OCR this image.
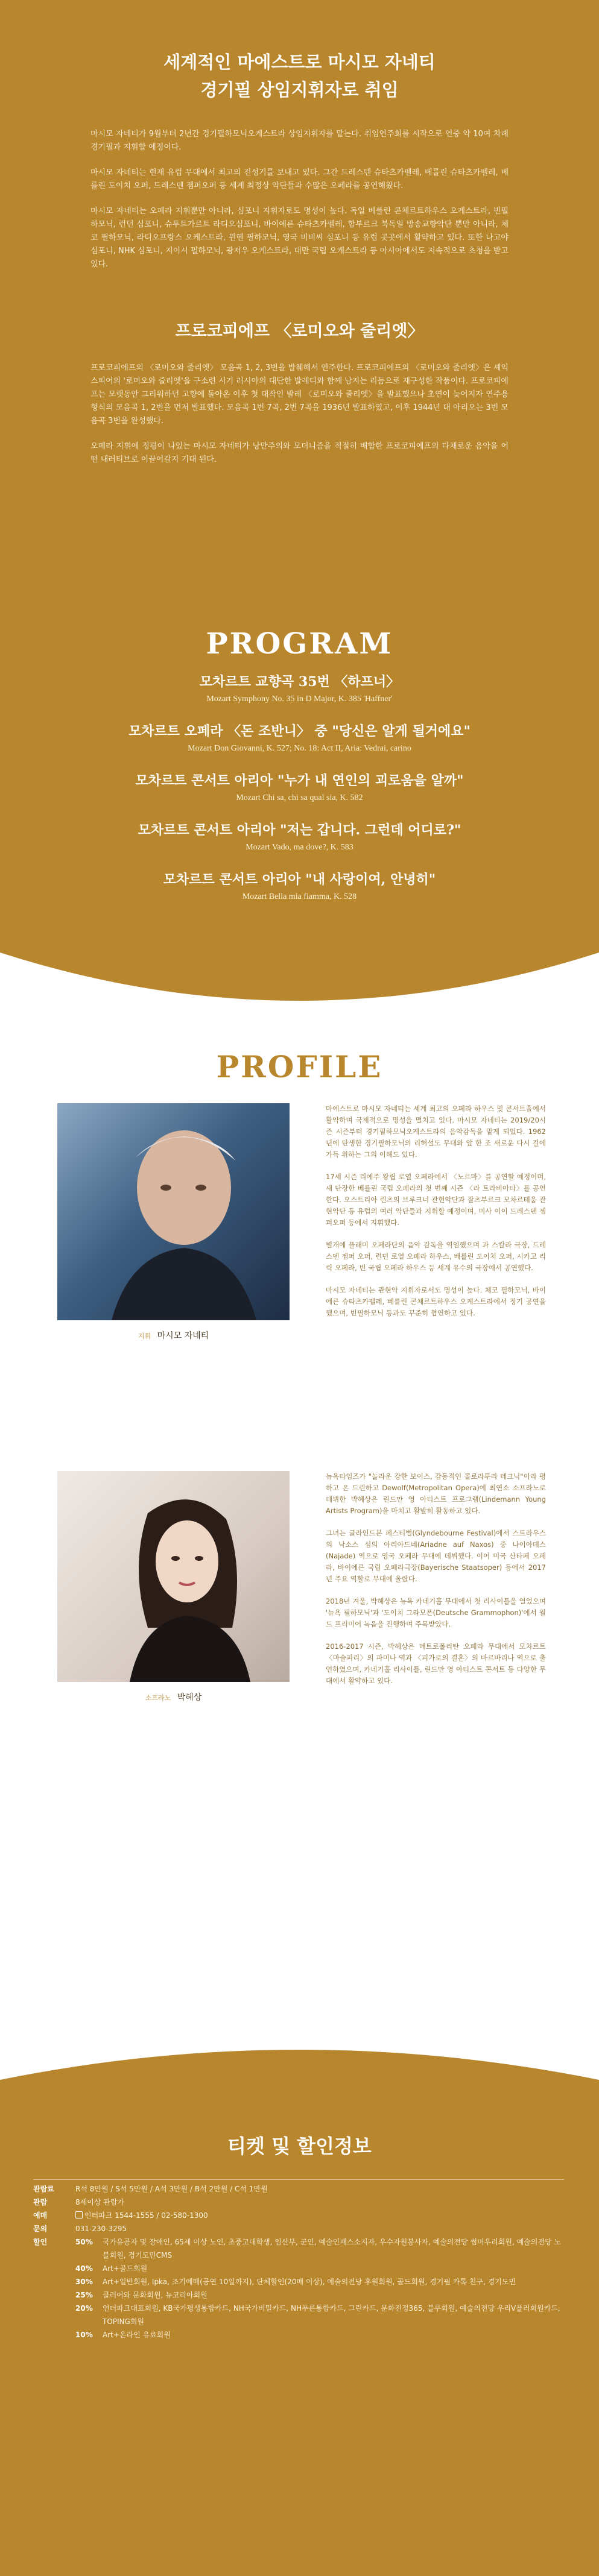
세계적인 마에스트로 마시모 자네티
경기필 상임지휘자로 취임

마시모 자네티가 9월부터 2년간 경기필하모닉오케스트라 상임지휘자를 맡는다. 취임연주회를 시작으로 연중 약 10여 차례 경기필과 지휘할 예정이다.

마시모 자네티는 현재 유럽 무대에서 최고의 전성기를 보내고 있다. 그간 드레스덴 슈타츠카펠레, 베를린 슈타츠카펠레, 베를린 도이치 오퍼, 드레스덴 젬퍼오퍼 등 세계 최정상 악단들과 수많은 오페라를 공연해왔다.

마시모 자네티는 오페라 지휘뿐만 아니라, 심포니 지휘자로도 명성이 높다. 독일 베를린 콘체르트하우스 오케스트라, 빈필하모닉, 런던 심포니, 슈투트가르트 라디오심포니, 바이에른 슈타츠카펠레, 함부르크 북독일 방송교향악단 뿐만 아니라, 체코 필하모닉, 라디오프랑스 오케스트라, 뮌헨 필하모닉, 영국 비비씨 심포니 등 유럽 곳곳에서 활약하고 있다. 또한 나고야 심포니, NHK 심포니, 지이시 필하모닉, 광저우 오케스트라, 대만 국립 오케스트라 등 아시아에서도 지속적으로 초청을 받고 있다.

프로코피에프 〈로미오와 줄리엣〉

프로코피에프의 〈로미오와 줄리엣〉 모음곡 1, 2, 3번을 발췌해서 연주한다. 프로코피에프의 〈로미오와 줄리엣〉은 셰익스피어의 '로미오와 줄리엣'을 구소련 시기 러시아의 대단한 발레디와 함께 남지는 리듬으로 재구성한 작품이다. 프로코피에프는 모랫동안 그리워하던 고향에 돌아온 이후 첫 대작인 발레 〈로미오와 줄리엣〉을 발표했으나 초연이 늦어지자 연주용 형식의 모음곡 1, 2번을 먼저 발표했다. 모음곡 1번 7곡, 2번 7곡을 1936년 발표하였고, 이후 1944년 대 아리오는 3번 모음곡 3번을 완성했다.

오페라 지휘에 정평이 나있는 마시모 자네티가 낭만주의와 모더니즘을 적절히 배합한 프로코피에프의 다채로운 음악을 어떤 내러티브로 이끌어갈지 기대 된다.

PROGRAM
모차르트 교향곡 35번 〈하프너〉
Mozart Symphony No. 35 in D Major, K. 385 'Haffner'
모차르트 오페라 〈돈 조반니〉 중 "당신은 알게 될거에요"
Mozart Don Giovanni, K. 527; No. 18: Act II, Aria: Vedrai, carino
모차르트 콘서트 아리아 "누가 내 연인의 괴로움을 알까"
Mozart Chi sa, chi sa qual sia, K. 582
모차르트 콘서트 아리아 "저는 갑니다. 그런데 어디로?"
Mozart Vado, ma dove?, K. 583
모차르트 콘서트 아리아 "내 사랑이여, 안녕히"
Mozart Bella mia fiamma, K. 528
PROFILE
지휘 마시모 자네티

마에스트로 마시모 자네티는 세계 최고의 오페라 하우스 및 콘서트홀에서 활약하며 국제적으로 명성을 떨치고 있다. 마시모 자네티는 2019/20시즌 시즌부터 경기필하모닉오케스트라의 음악감독을 맡게 되었다. 1962년에 탄생한 경기필하모닉의 리허설도 무대와 앞 한 조 새로운 다시 길에 가득 위하는 그의 이해도 있다.

17세 시즌 리에주 왕립 로열 오페라에서 〈노르마〉를 공연할 예정이며, 새 단장한 베를린 국립 오페라의 첫 번째 시즌 〈라 트라비아타〉를 공연한다. 오스트리아 린츠의 브루크너 관현악단과 잘츠부르크 모차르테움 관현악단 등 유럽의 여러 악단들과 지휘할 예정이며, 미사 이이 드레스덴 젬퍼오퍼 등에서 지휘했다.

별개에 플래미 오페라단의 음악 감독을 역임했으며 과 스칼라 극장, 드레스덴 젬퍼 오퍼, 런던 로열 오페라 하우스, 베를린 도이치 오퍼, 시카고 리릭 오페라, 빈 국립 오페라 하우스 등 세계 유수의 극장에서 공연했다.

마시모 자네티는 관현악 지휘자로서도 명성이 높다. 체코 필하모닉, 바이에른 슈타츠카펠레, 베를린 콘체르트하우스 오케스트라에서 정기 공연을 했으며, 빈필하모닉 등과도 꾸준히 협연하고 있다.

소프라노 박혜상

뉴욕타임즈가 "놀라운 강한 보이스, 감동적인 콜로라투라 테크닉"이라 평하고 온 드린하고 Dewolf(Metropolitan Opera)에 최연소 소프라노로 데뷔한 박혜상은 린드만 영 아티스트 프로그램(Lindemann Young Artists Program)을 마치고 활발히 활동하고 있다.

그녀는 글라인드본 페스티벌(Glyndebourne Festival)에서 스트라우스의 낙소스 섬의 아리아드네(Ariadne auf Naxos) 중 나이아데스(Najade) 역으로 영국 오페라 무대에 데뷔했다. 이어 미국 산타페 오페라, 바이에른 국립 오페라극장(Bayerische Staatsoper) 등에서 2017년 주요 역할로 무대에 올랐다.

2018년 겨울, 박혜상은 뉴욕 카네기홀 무대에서 첫 리사이틀을 열었으며 '뉴욕 필하모닉'과 '도이치 그라모폰(Deutsche Grammophon)'에서 월드 프리미어 녹음을 진행하며 주목받았다.

2016-2017 시즌, 박혜상은 메트로폴리탄 오페라 무대에서 모차르트 〈마술피리〉의 파미나 역과 〈피가로의 결혼〉의 바르바리나 역으로 출연하였으며, 카네기홀 리사이틀, 린드만 영 아티스트 콘서트 등 다양한 무대에서 활약하고 있다.

티켓 및 할인정보

관람료	R석 8만원 / S석 5만원 / A석 3만원 / B석 2만원 / C석 1만원	
관람	8세이상 관람가	
예매	인터파크 1544-1555 / 02-580-1300	
문의	031-230-3295	
할인	50%	국가유공자 및 장애인, 65세 이상 노인, 초중고대학생, 임산부, 군인, 예술인패스소지자, 우수자원봉사자, 예술의전당 썸머우리회원, 예술의전당 노블회원, 경기도민CMS
	40%	Art+골드회원
	30%	Art+일반회원, Ipka, 조기예매(공연 10일까지), 단체할인(20매 이상), 예술의전당 후원회원, 골드회원, 경기필 카톡 친구, 경기도민
	25%	클러어와 문화회원, 뉴코리아회원
	20%	언더파크대표회원, KB국가평생통합카드, NH국가비밀카드, NH푸른통합카드, 그린카드, 문화진정365, 블루회원, 예술의전당 우리V플러회원카드, TOPING회원
	10%	Art+온라인 유료회원
